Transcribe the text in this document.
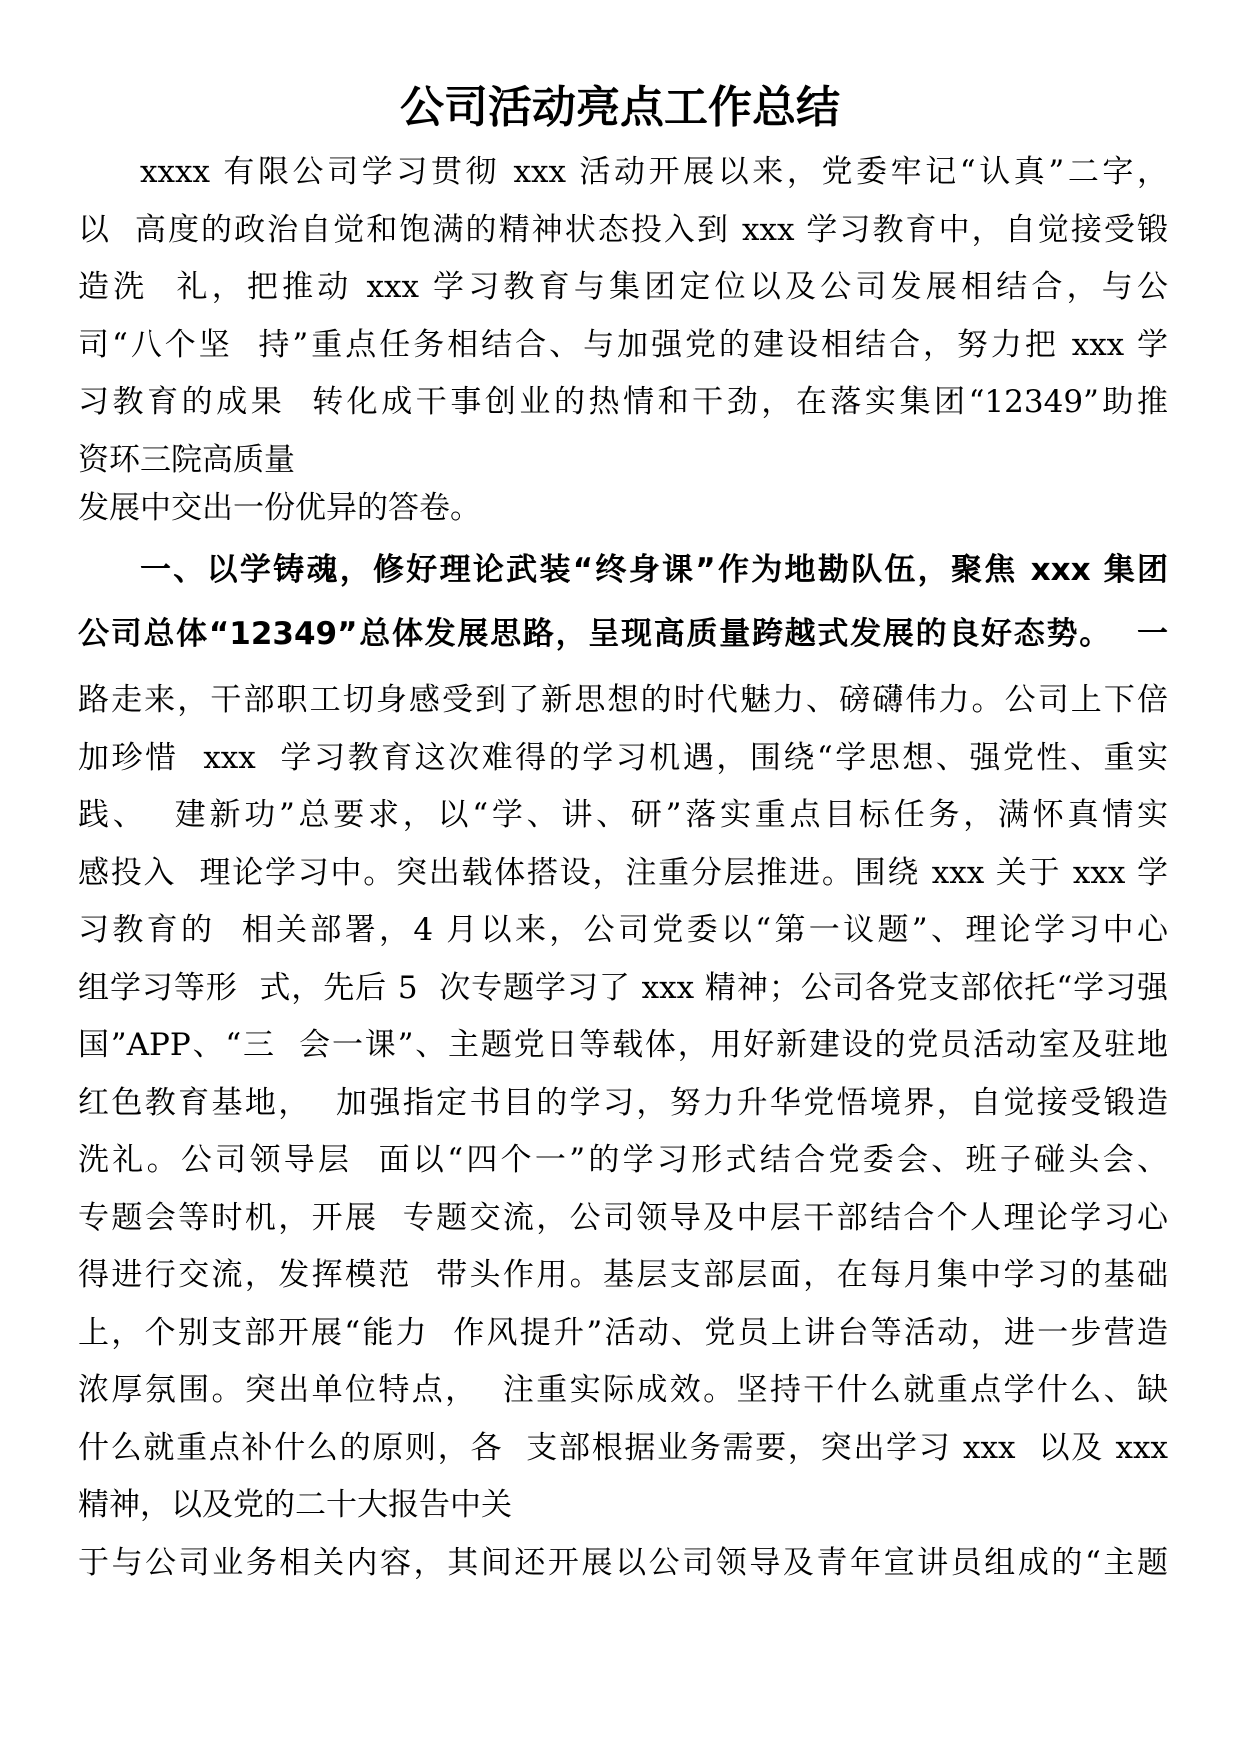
公司活动亮点工作总结
xxxx 有限公司学习贯彻 xxx 活动开展以来，党委牢记“认真”二字，
以  高度的政治自觉和饱满的精神状态投入到 xxx 学习教育中，自觉接受锻
造洗  礼，把推动 xxx 学习教育与集团定位以及公司发展相结合，与公
司“八个坚  持”重点任务相结合、与加强党的建设相结合，努力把 xxx 学
习教育的成果  转化成干事创业的热情和干劲，在落实集团“12349”助推
资环三院高质量
发展中交出一份优异的答卷。
一、以学铸魂，修好理论武装“终身课”作为地勘队伍，聚焦 xxx 集团
公司总体“12349”总体发展思路，呈现高质量跨越式发展的良好态势。  一
路走来，干部职工切身感受到了新思想的时代魅力、磅礴伟力。公司上下倍
加珍惜  xxx  学习教育这次难得的学习机遇，围绕“学思想、强党性、重实
践、  建新功”总要求，以“学、讲、研”落实重点目标任务，满怀真情实
感投入  理论学习中。突出载体搭设，注重分层推进。围绕 xxx 关于 xxx 学
习教育的  相关部署，4 月以来，公司党委以“第一议题”、理论学习中心
组学习等形  式，先后 5  次专题学习了 xxx 精神；公司各党支部依托“学习强
国”APP、“三  会一课”、主题党日等载体，用好新建设的党员活动室及驻地
红色教育基地，  加强指定书目的学习，努力升华党悟境界，自觉接受锻造
洗礼。公司领导层  面以“四个一”的学习形式结合党委会、班子碰头会、
专题会等时机，开展  专题交流，公司领导及中层干部结合个人理论学习心
得进行交流，发挥模范  带头作用。基层支部层面，在每月集中学习的基础
上，个别支部开展“能力  作风提升”活动、党员上讲台等活动，进一步营造
浓厚氛围。突出单位特点，  注重实际成效。坚持干什么就重点学什么、缺
什么就重点补什么的原则，各  支部根据业务需要，突出学习 xxx  以及 xxx
精神，以及党的二十大报告中关
于与公司业务相关内容，其间还开展以公司领导及青年宣讲员组成的“主题
